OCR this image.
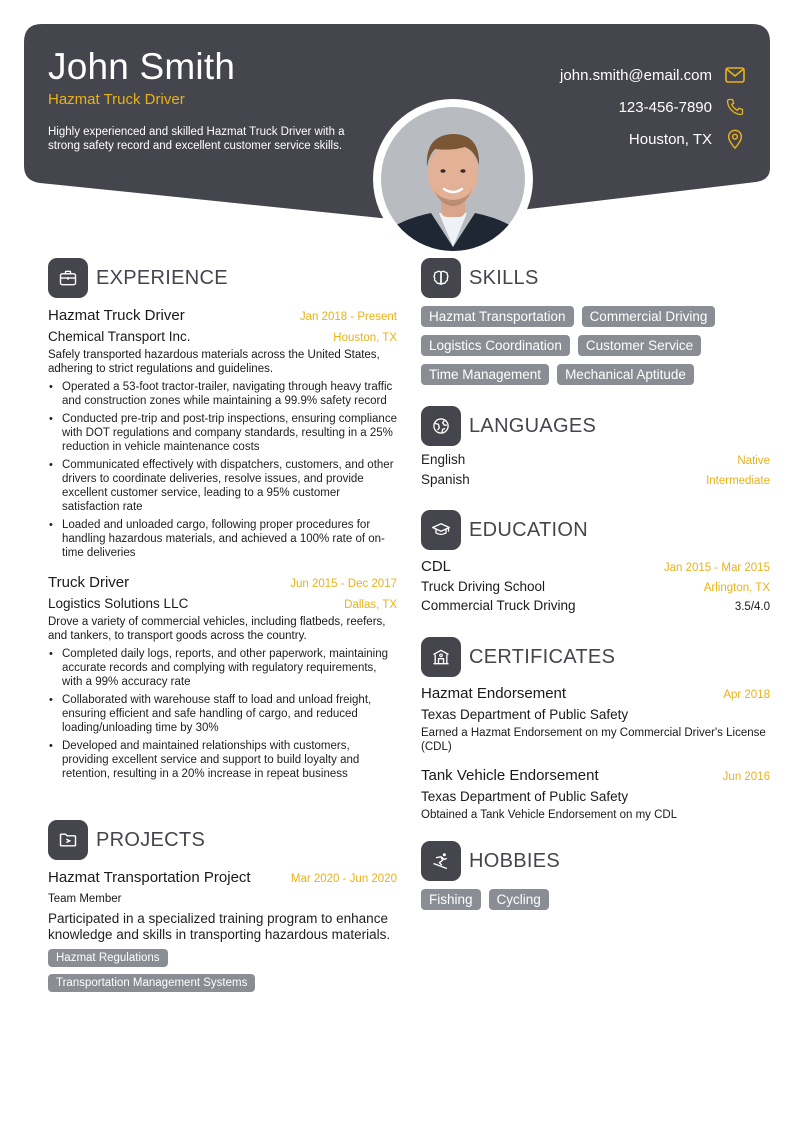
John Smith
Hazmat Truck Driver
Highly experienced and skilled Hazmat Truck Driver with a strong safety record and excellent customer service skills.
john.smith@email.com
123-456-7890
Houston, TX
EXPERIENCE
Hazmat Truck Driver	Jan 2018 - Present
Chemical Transport Inc.	Houston, TX
Safely transported hazardous materials across the United States, adhering to strict regulations and guidelines.
• Operated a 53-foot tractor-trailer, navigating through heavy traffic and construction zones while maintaining a 99.9% safety record
• Conducted pre-trip and post-trip inspections, ensuring compliance with DOT regulations and company standards, resulting in a 25% reduction in vehicle maintenance costs
• Communicated effectively with dispatchers, customers, and other drivers to coordinate deliveries, resolve issues, and provide excellent customer service, leading to a 95% customer satisfaction rate
• Loaded and unloaded cargo, following proper procedures for handling hazardous materials, and achieved a 100% rate of on-time deliveries
Truck Driver	Jun 2015 - Dec 2017
Logistics Solutions LLC	Dallas, TX
Drove a variety of commercial vehicles, including flatbeds, reefers, and tankers, to transport goods across the country.
• Completed daily logs, reports, and other paperwork, maintaining accurate records and complying with regulatory requirements, with a 99% accuracy rate
• Collaborated with warehouse staff to load and unload freight, ensuring efficient and safe handling of cargo, and reduced loading/unloading time by 30%
• Developed and maintained relationships with customers, providing excellent service and support to build loyalty and retention, resulting in a 20% increase in repeat business
PROJECTS
Hazmat Transportation Project	Mar 2020 - Jun 2020
Team Member
Participated in a specialized training program to enhance knowledge and skills in transporting hazardous materials.
Hazmat Regulations
Transportation Management Systems
SKILLS
Hazmat Transportation Commercial DrivingLogistics Coordination Customer ServiceTime Management Mechanical Aptitude
LANGUAGES
English	Native
Spanish	Intermediate
EDUCATION
CDL	Jan 2015 - Mar 2015
Truck Driving School	Arlington, TX
Commercial Truck Driving	3.5/4.0
CERTIFICATES
Hazmat Endorsement	Apr 2018
Texas Department of Public Safety
Earned a Hazmat Endorsement on my Commercial Driver's License (CDL)
Tank Vehicle Endorsement	Jun 2016
Texas Department of Public Safety
Obtained a Tank Vehicle Endorsement on my CDL
HOBBIES
Fishing Cycling
